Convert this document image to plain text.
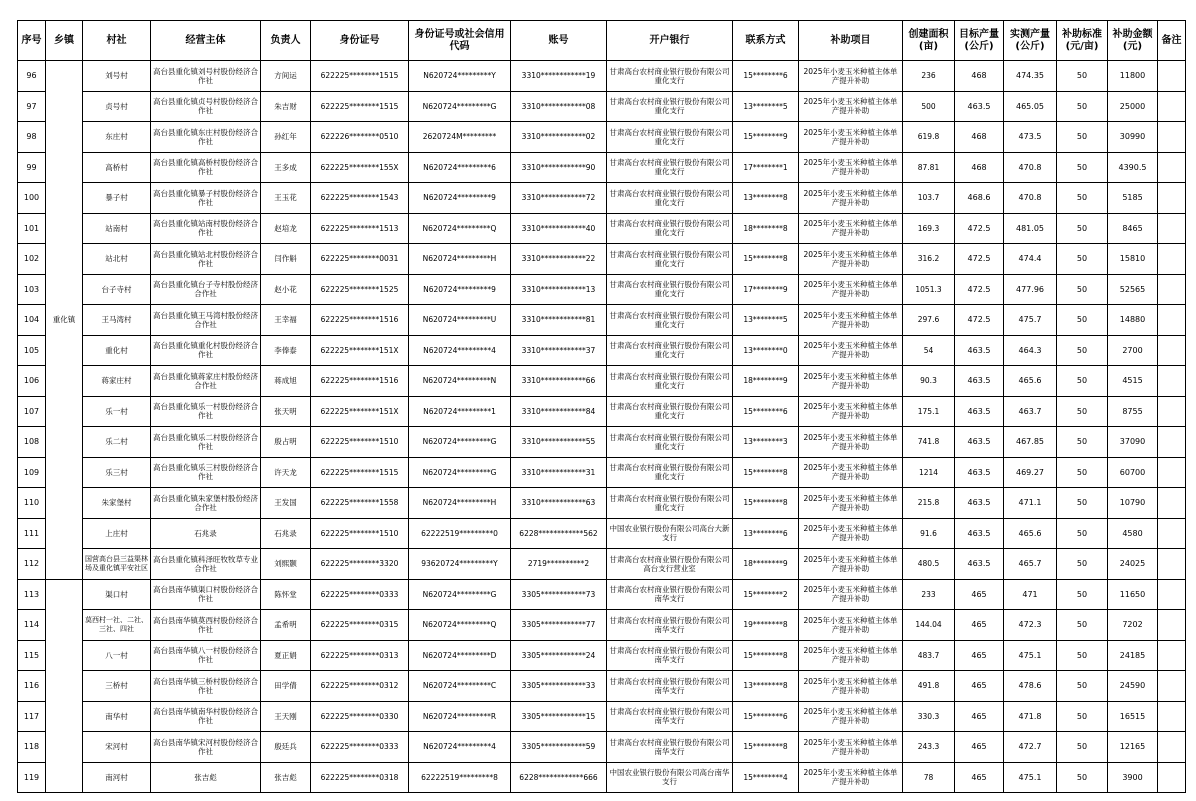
序号	乡镇	村社	经营主体	负责人	身份证号	身份证号或社会信用代码	账号	开户银行	联系方式	补助项目	创建面积(亩)	目标产量(公斤)	实测产量(公斤)	补助标准(元/亩)	补助金额(元)	备注
96	重化镇	刘号村	高台县重化镇刘号村股份经济合作社	方间运	622225********1515	N620724*********Y	3310************19	甘肃高台农村商业银行股份有限公司重化支行	15********6	2025年小麦玉米种植主体单产提升补助	236	468	474.35	50	11800	
97		贞号村	高台县重化镇贞号村股份经济合作社	朱吉财	622225********1515	N620724*********G	3310************08	甘肃高台农村商业银行股份有限公司重化支行	13********5	2025年小麦玉米种植主体单产提升补助	500	463.5	465.05	50	25000	
98		东庄村	高台县重化镇东庄村股份经济合作社	孙红年	622226********0510	2620724M*********	3310************02	甘肃高台农村商业银行股份有限公司重化支行	15********9	2025年小麦玉米种植主体单产提升补助	619.8	468	473.5	50	30990	
99		高桥村	高台县重化镇高桥村股份经济合作社	王多成	622225********155X	N620724*********6	3310************90	甘肃高台农村商业银行股份有限公司重化支行	17********1	2025年小麦玉米种植主体单产提升补助	87.81	468	470.8	50	4390.5	
100		暴子村	高台县重化镇暴子村股份经济合作社	王玉花	622225********1543	N620724*********9	3310************72	甘肃高台农村商业银行股份有限公司重化支行	13********8	2025年小麦玉米种植主体单产提升补助	103.7	468.6	470.8	50	5185	
101		站南村	高台县重化镇站南村股份经济合作社	赵培龙	622225********1513	N620724*********Q	3310************40	甘肃高台农村商业银行股份有限公司重化支行	18********8	2025年小麦玉米种植主体单产提升补助	169.3	472.5	481.05	50	8465	
102		站北村	高台县重化镇站北村股份经济合作社	闫作斛	622225********0031	N620724*********H	3310************22	甘肃高台农村商业银行股份有限公司重化支行	15********8	2025年小麦玉米种植主体单产提升补助	316.2	472.5	474.4	50	15810	
103		台子寺村	高台县重化镇台子寺村股份经济合作社	赵小花	622225********1525	N620724*********9	3310************13	甘肃高台农村商业银行股份有限公司重化支行	17********9	2025年小麦玉米种植主体单产提升补助	1051.3	472.5	477.96	50	52565	
104		王马湾村	高台县重化镇王马湾村股份经济合作社	王幸福	622225********1516	N620724*********U	3310************81	甘肃高台农村商业银行股份有限公司重化支行	13********5	2025年小麦玉米种植主体单产提升补助	297.6	472.5	475.7	50	14880	
105		重化村	高台县重化镇重化村股份经济合作社	李俸泰	622225********151X	N620724*********4	3310************37	甘肃高台农村商业银行股份有限公司重化支行	13********0	2025年小麦玉米种植主体单产提升补助	54	463.5	464.3	50	2700	
106		蒋家庄村	高台县重化镇蒋家庄村股份经济合作社	蒋成旭	622225********1516	N620724*********N	3310************66	甘肃高台农村商业银行股份有限公司重化支行	18********9	2025年小麦玉米种植主体单产提升补助	90.3	463.5	465.6	50	4515	
107		乐一村	高台县重化镇乐一村股份经济合作社	张天明	622225********151X	N620724*********1	3310************84	甘肃高台农村商业银行股份有限公司重化支行	15********6	2025年小麦玉米种植主体单产提升补助	175.1	463.5	463.7	50	8755	
108		乐二村	高台县重化镇乐二村股份经济合作社	殷占明	622225********1510	N620724*********G	3310************55	甘肃高台农村商业银行股份有限公司重化支行	13********3	2025年小麦玉米种植主体单产提升补助	741.8	463.5	467.85	50	37090	
109		乐三村	高台县重化镇乐三村股份经济合作社	许天龙	622225********1515	N620724*********G	3310************31	甘肃高台农村商业银行股份有限公司重化支行	15********8	2025年小麦玉米种植主体单产提升补助	1214	463.5	469.27	50	60700	
110		朱家堡村	高台县重化镇朱家堡村股份经济合作社	王发国	622225********1558	N620724*********H	3310************63	甘肃高台农村商业银行股份有限公司重化支行	15********8	2025年小麦玉米种植主体单产提升补助	215.8	463.5	471.1	50	10790	
111		上庄村	石兆录	石兆录	622225********1510	62222519*********0	6228************562	中国农业银行股份有限公司高台大新支行	13********6	2025年小麦玉米种植主体单产提升补助	91.6	463.5	465.6	50	4580	
112		国营高台县三益渠林场及重化镇平安社区	高台县重化镇科泽旺牧牧草专业合作社	刘熙颢	622225********3320	93620724*********Y	2719**********2	甘肃高台农村商业银行股份有限公司高台支行营业室	18********9	2025年小麦玉米种植主体单产提升补助	480.5	463.5	465.7	50	24025	
113		渠口村	高台县南华镇渠口村股份经济合作社	陈怀堂	622225********0333	N620724*********G	3305************73	甘肃高台农村商业银行股份有限公司南华支行	15********2	2025年小麦玉米种植主体单产提升补助	233	465	471	50	11650	
114		莫西村一社、二社、三社、四社	高台县南华镇莫西村股份经济合作社	孟希明	622225********0315	N620724*********Q	3305************77	甘肃高台农村商业银行股份有限公司南华支行	19********8	2025年小麦玉米种植主体单产提升补助	144.04	465	472.3	50	7202	
115		八一村	高台县南华镇八一村股份经济合作社	夏正娟	622225********0313	N620724*********D	3305************24	甘肃高台农村商业银行股份有限公司南华支行	15********8	2025年小麦玉米种植主体单产提升补助	483.7	465	475.1	50	24185	
116		三桥村	高台县南华镇三桥村股份经济合作社	田学倩	622225********0312	N620724*********C	3305************33	甘肃高台农村商业银行股份有限公司南华支行	13********8	2025年小麦玉米种植主体单产提升补助	491.8	465	478.6	50	24590	
117		南华村	高台县南华镇南华村股份经济合作社	王天刚	622225********0330	N620724*********R	3305************15	甘肃高台农村商业银行股份有限公司南华支行	15********6	2025年小麦玉米种植主体单产提升补助	330.3	465	471.8	50	16515	
118		宋河村	高台县南华镇宋河村股份经济合作社	殷廷兵	622225********0333	N620724*********4	3305************59	甘肃高台农村商业银行股份有限公司南华支行	15********8	2025年小麦玉米种植主体单产提升补助	243.3	465	472.7	50	12165	
119		南河村	张吉彪	张吉彪	622225********0318	62222519*********8	6228************666	中国农业银行股份有限公司高台南华支行	15********4	2025年小麦玉米种植主体单产提升补助	78	465	475.1	50	3900	
